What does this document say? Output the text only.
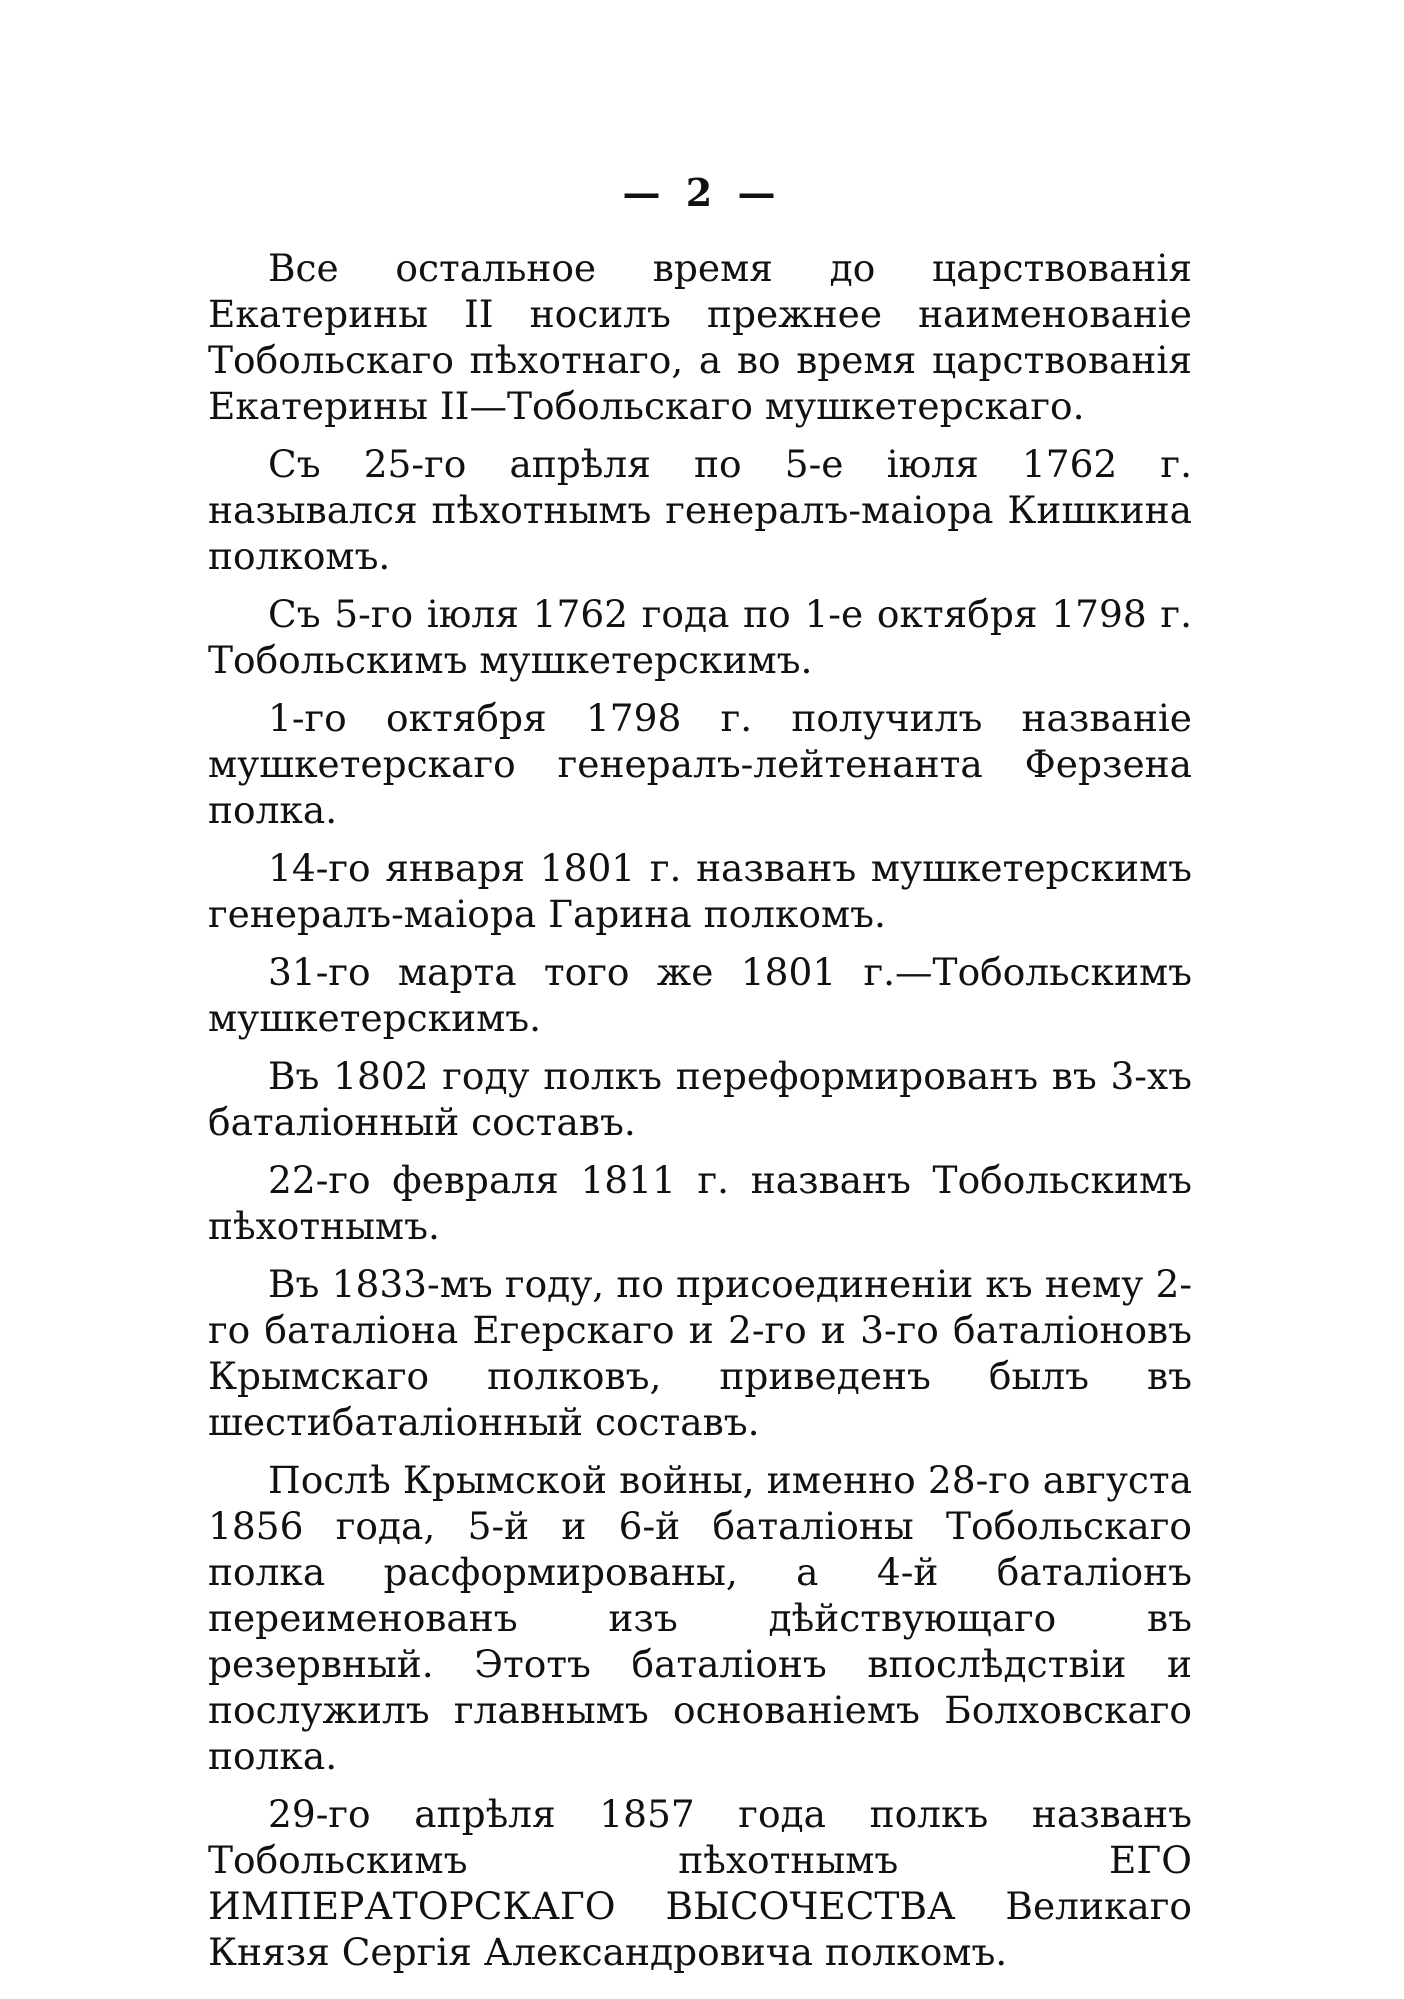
— 2 —

Все остальное время до царствованія Екатерины II носилъ прежнее наименованіе Тобольскаго пѣхотнаго, а во время царствованія Екатерины II—Тобольскаго мушкетерскаго.

Съ 25-го апрѣля по 5-е іюля 1762 г. назывался пѣхотнымъ генералъ-маіора Кишкина полкомъ.

Съ 5-го іюля 1762 года по 1-е октября 1798 г. Тобольскимъ мушкетерскимъ.

1-го октября 1798 г. получилъ названіе мушкетерскаго генералъ-лейтенанта Ферзена полка.

14-го января 1801 г. названъ мушкетерскимъ генералъ-маіора Гарина полкомъ.

31-го марта того же 1801 г.—Тобольскимъ мушкетерскимъ.

Въ 1802 году полкъ переформированъ въ 3-хъ баталіонный составъ.

22-го февраля 1811 г. названъ Тобольскимъ пѣхотнымъ.

Въ 1833-мъ году, по присоединеніи къ нему 2-го баталіона Егерскаго и 2-го и 3-го баталіоновъ Крымскаго полковъ, приведенъ былъ въ шестибаталіонный составъ.

Послѣ Крымской войны, именно 28-го августа 1856 года, 5-й и 6-й баталіоны Тобольскаго полка расформированы, а 4-й баталіонъ переименованъ изъ дѣйствующаго въ резервный. Этотъ баталіонъ впослѣдствіи и послужилъ главнымъ основаніемъ Болховскаго полка.

29-го апрѣля 1857 года полкъ названъ Тобольскимъ пѣхотнымъ ЕГО ИМПЕРАТОРСКАГО ВЫСОЧЕСТВА Великаго Князя Сергія Александровича полкомъ.
